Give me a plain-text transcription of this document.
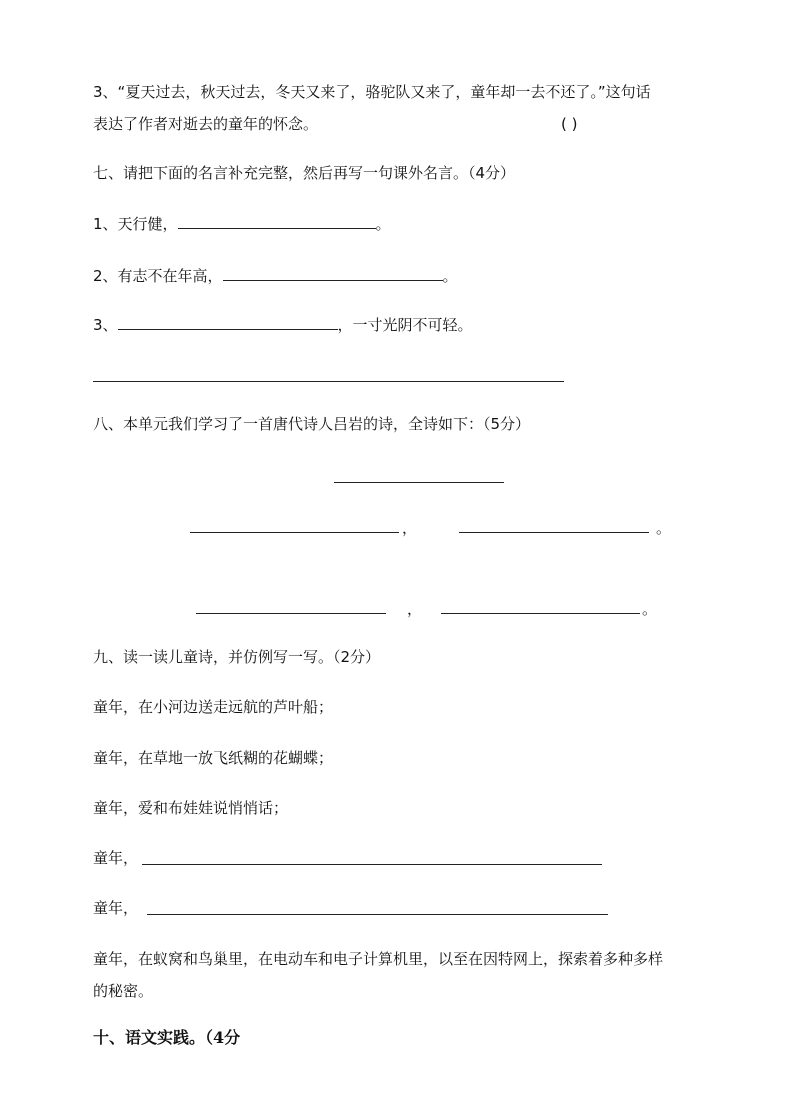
3、“夏天过去，秋天过去，冬天又来了，骆驼队又来了，童年却一去不还了。”这句话
表达了作者对逝去的童年的怀念。	( )
七、请把下面的名言补充完整，然后再写一句课外名言。（4分）
1、天行健，	。
2、有志不在年高，	。
3、	，一寸光阴不可轻。
八、本单元我们学习了一首唐代诗人吕岩的诗，全诗如下：（5分）
，	。
，	。
九、读一读儿童诗，并仿例写一写。（2分）
童年，在小河边送走远航的芦叶船；
童年，在草地一放飞纸糊的花蝴蝶；
童年，爱和布娃娃说悄悄话；
童年，
童年，
童年，在蚁窝和鸟巢里，在电动车和电子计算机里，以至在因特网上，探索着多种多样
的秘密。
十、语文实践。（4分
